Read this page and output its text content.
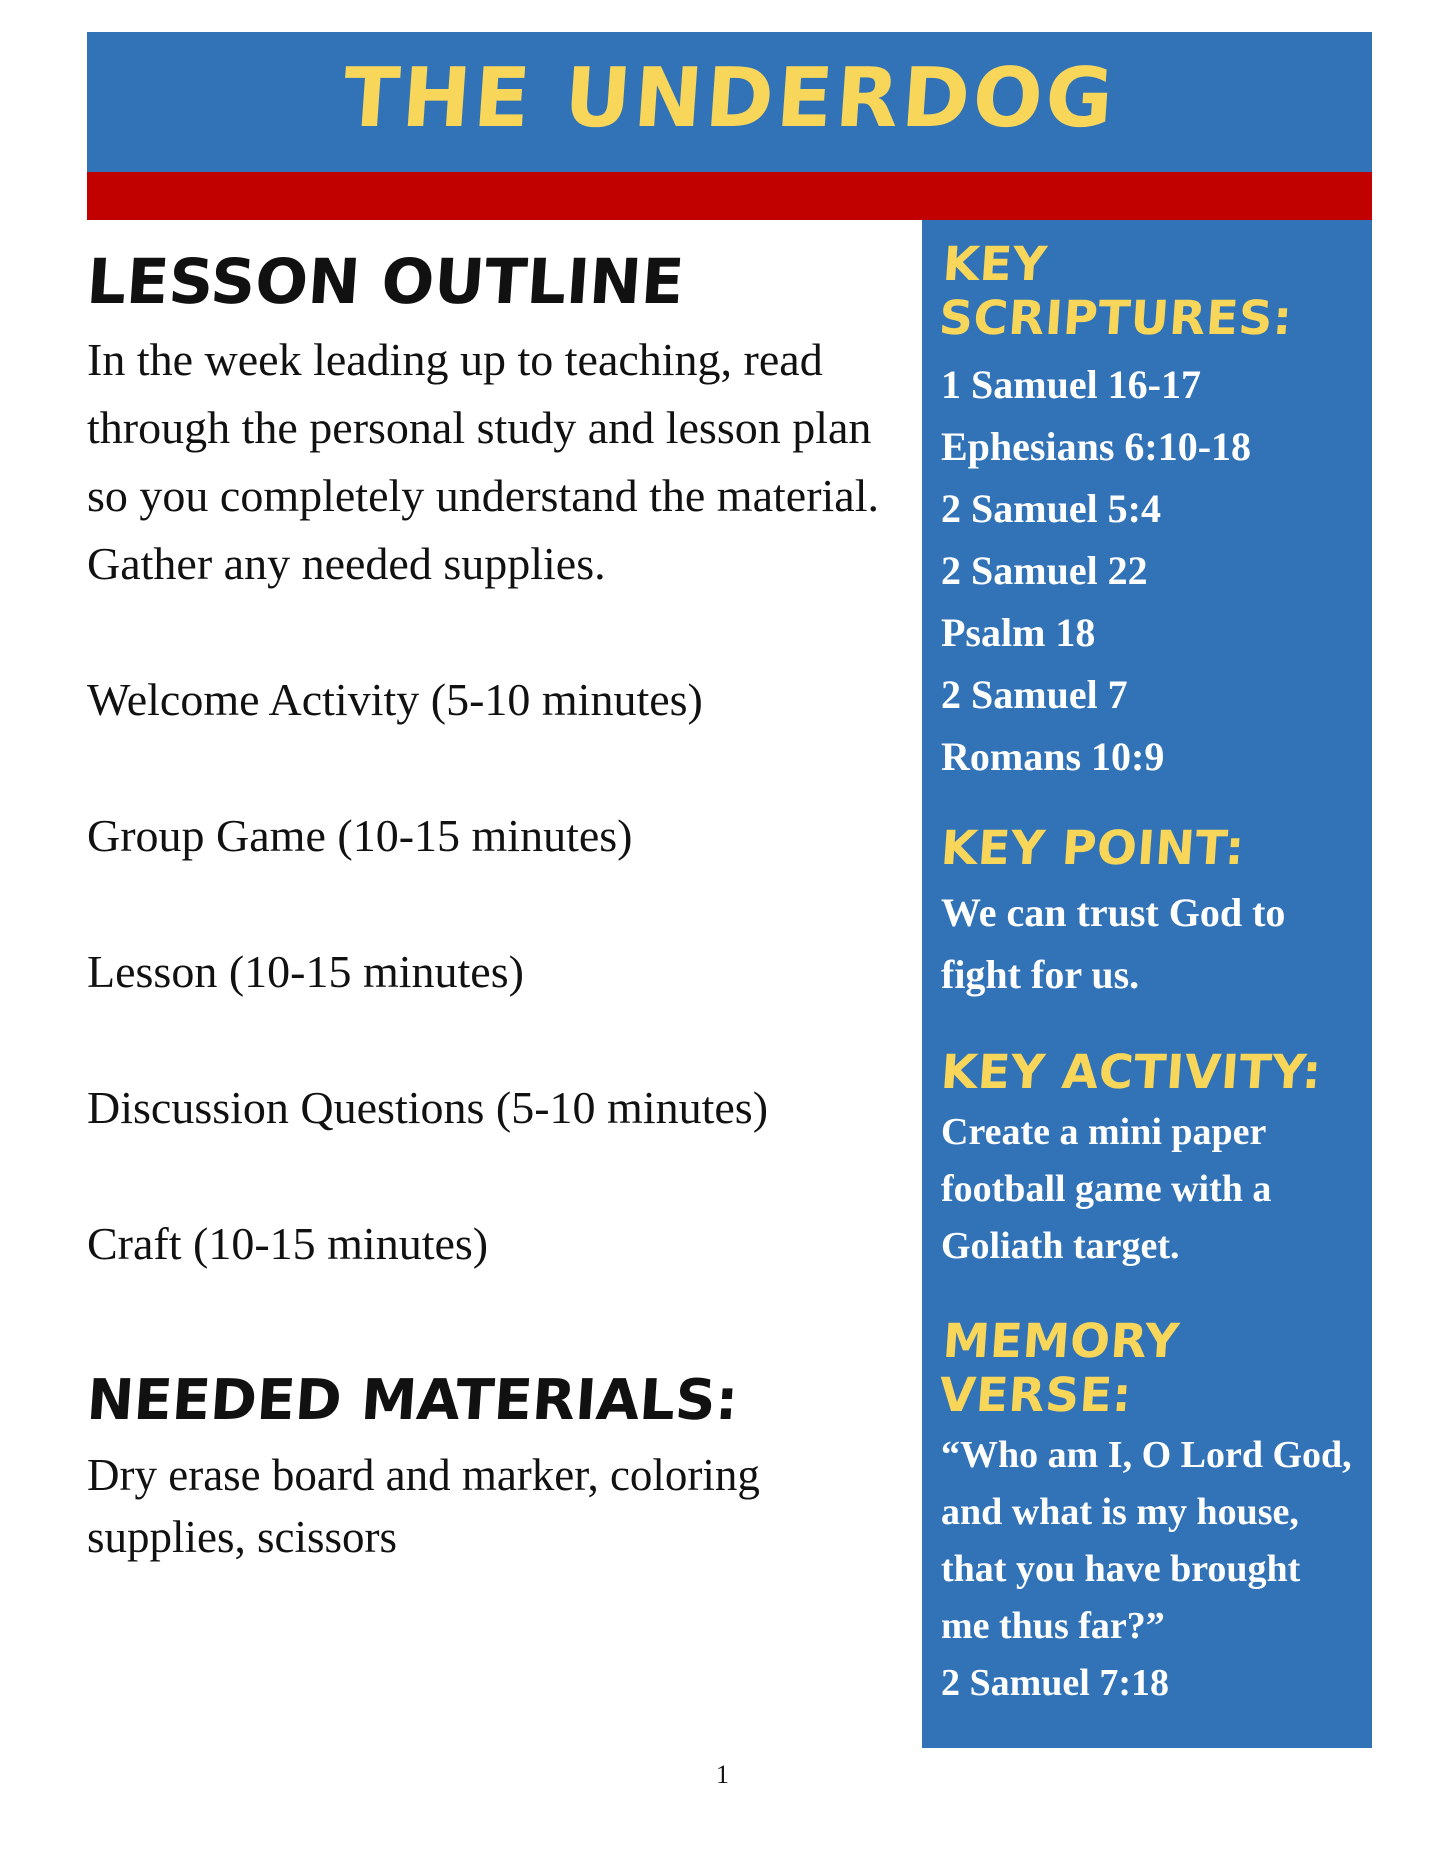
THE UNDERDOG
LESSON OUTLINE
In the week leading up to teaching, read through the personal study and lesson plan so you completely understand the material. Gather any needed supplies.
Welcome Activity (5-10 minutes)
Group Game (10-15 minutes)
Lesson (10-15 minutes)
Discussion Questions (5-10 minutes)
Craft (10-15 minutes)
NEEDED MATERIALS:
Dry erase board and marker, coloring supplies, scissors
KEY SCRIPTURES:
1 Samuel 16-17
Ephesians 6:10-18
2 Samuel 5:4
2 Samuel 22
Psalm 18
2 Samuel 7
Romans 10:9
KEY POINT:
We can trust God to fight for us.
KEY ACTIVITY:
Create a mini paper football game with a Goliath target.
MEMORY VERSE:
“Who am I, O Lord God, and what is my house, that you have brought me thus far?”
2 Samuel 7:18
1
